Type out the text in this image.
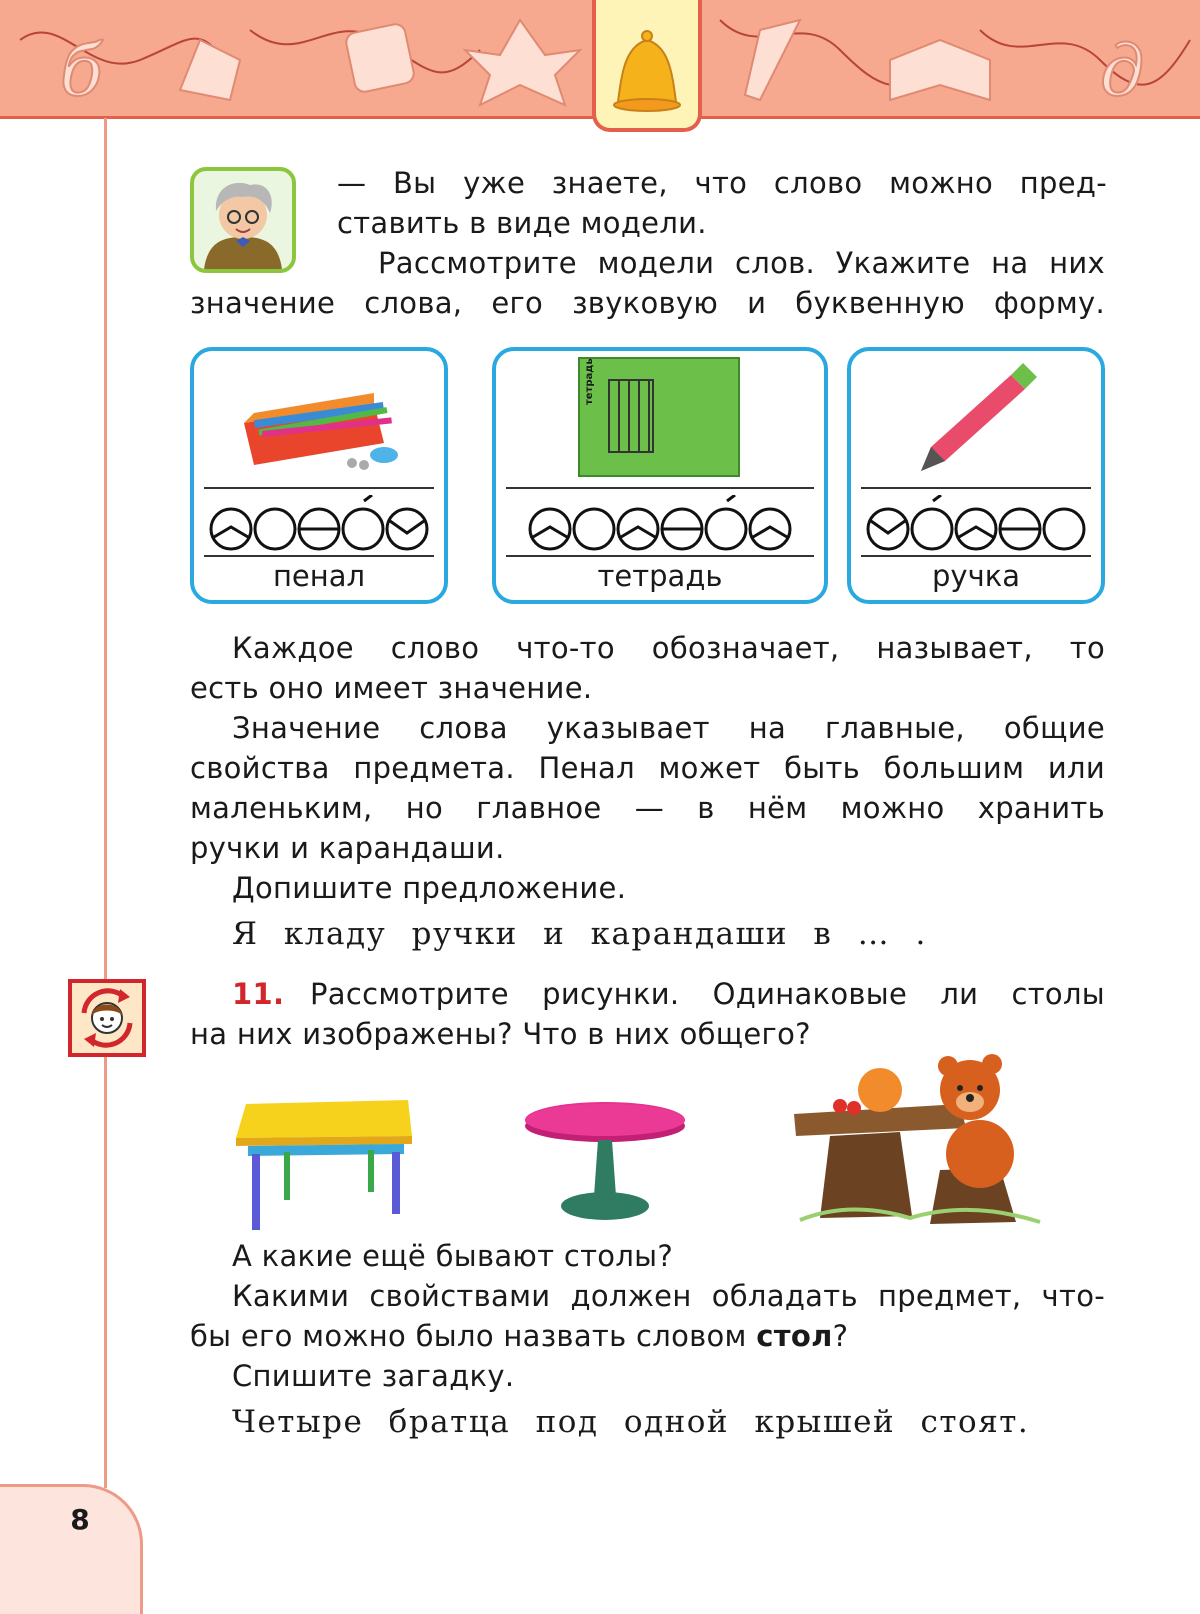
б	д
8
— Вы уже знаете, что слово можно пред-
ставить в виде модели.
Рассмотрите модели слов. Укажите на них
значение слова, его звуковую и буквенную форму.
пенал
тетрадь
тетрадь	ручка
Каждое слово что-то обозначает, называет, то
есть оно имеет значение.
Значение слова указывает на главные, общие
свойства предмета. Пенал может быть большим или
маленьким, но главное — в нём можно хранить
ручки и карандаши.
Допишите предложение.
Я кладу ручки и карандаши в … .
11. Рассмотрите рисунки. Одинаковые ли столы
на них изображены? Что в них общего?
А какие ещё бывают столы?
Какими свойствами должен обладать предмет, что-
бы его можно было назвать словом стол?
Спишите загадку.
Четыре братца под одной крышей стоят.
